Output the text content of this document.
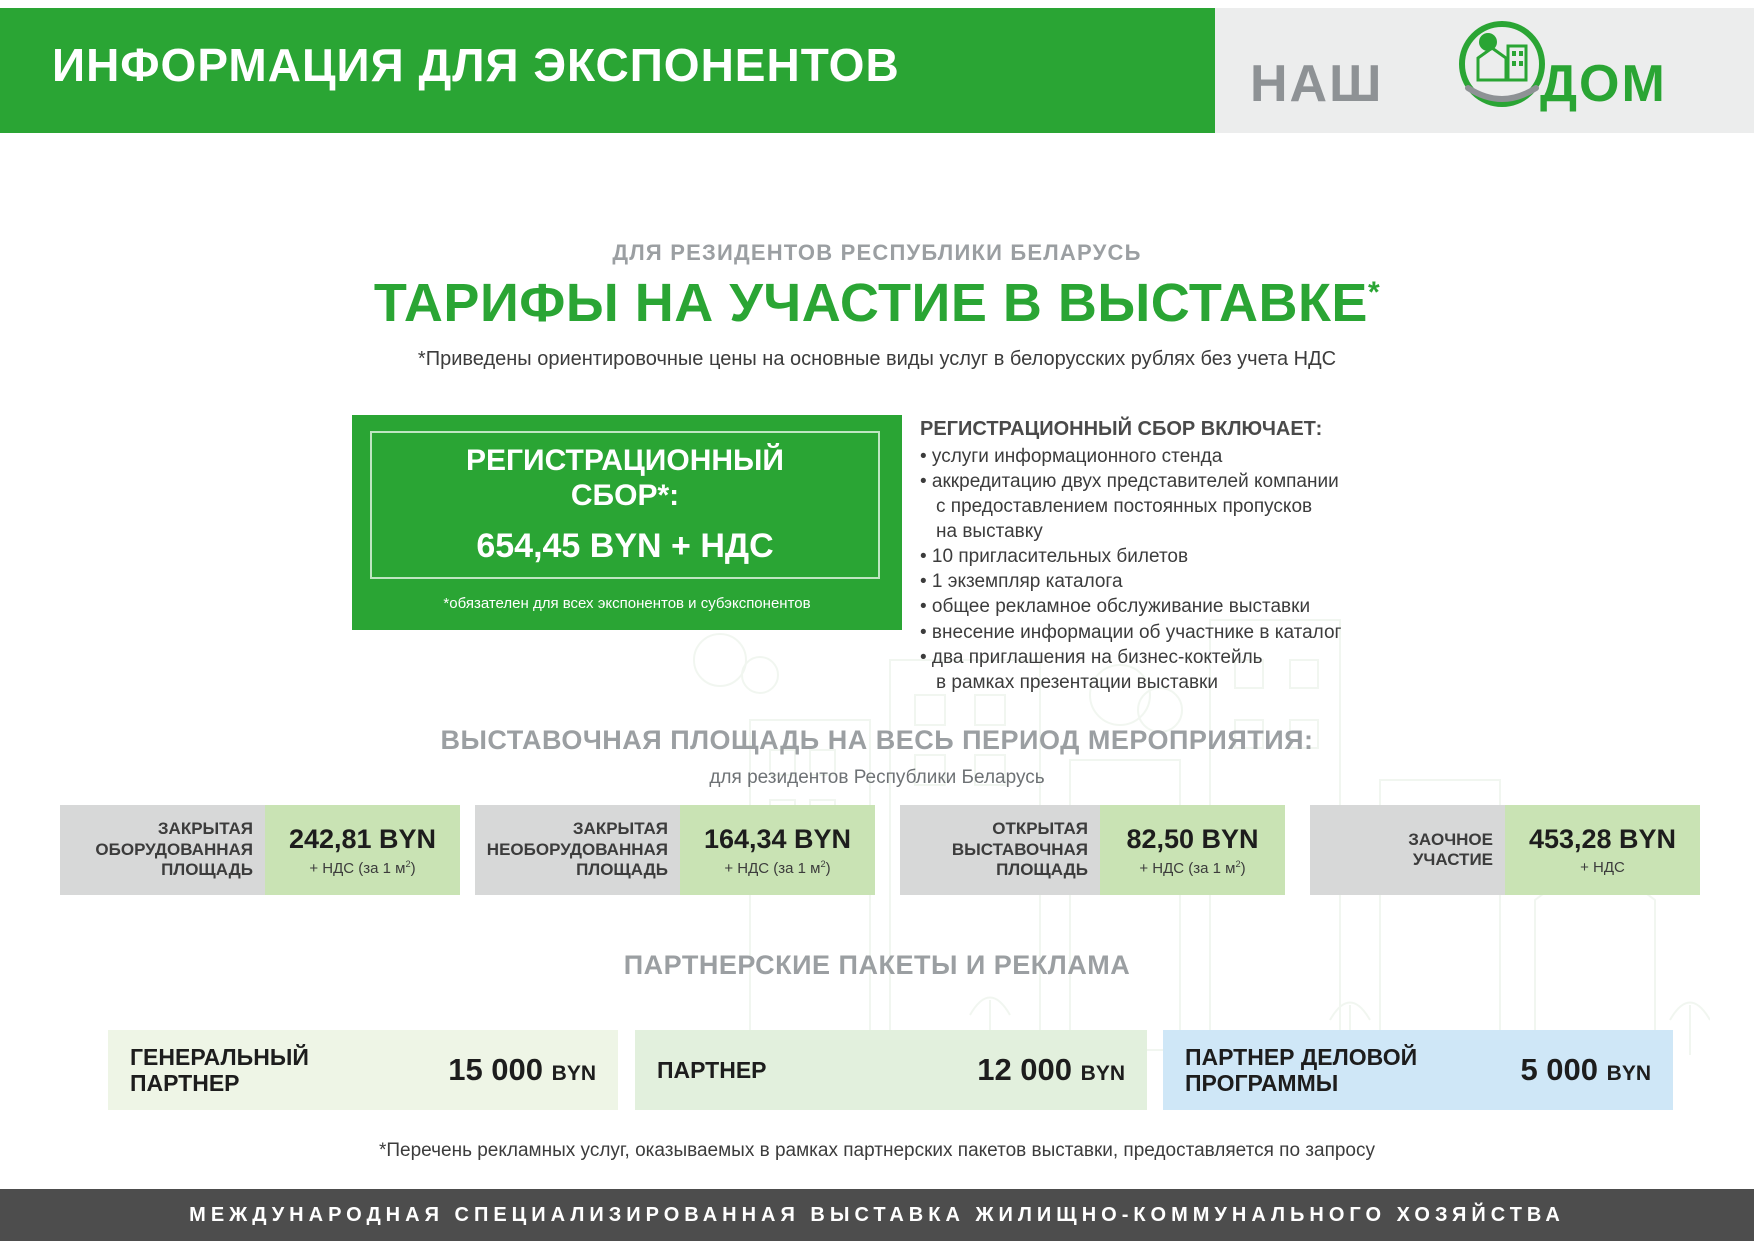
ИНФОРМАЦИЯ ДЛЯ ЭКСПОНЕНТОВ	НАШ	ДОМ
ДЛЯ РЕЗИДЕНТОВ РЕСПУБЛИКИ БЕЛАРУСЬ
ТАРИФЫ НА УЧАСТИЕ В ВЫСТАВКЕ*
*Приведены ориентировочные цены на основные виды услуг в белорусских рублях без учета НДС
РЕГИСТРАЦИОННЫЙ
СБОР*:
654,45 BYN + НДС
*обязателен для всех экспонентов и субэкспонентов
РЕГИСТРАЦИОННЫЙ СБОР ВКЛЮЧАЕТ:
• услуги информационного стенда
• аккредитацию двух представителей компании
с предоставлением постоянных пропусков
на выставку
• 10 пригласительных билетов
• 1 экземпляр каталога
• общее рекламное обслуживание выставки
• внесение информации об участнике в каталог
• два приглашения на бизнес-коктейль
в рамках презентации выставки
ВЫСТАВОЧНАЯ ПЛОЩАДЬ НА ВЕСЬ ПЕРИОД МЕРОПРИЯТИЯ:
для резидентов Республики Беларусь
ЗАКРЫТАЯ
ОБОРУДОВАННАЯ
ПЛОЩАДЬ
242,81 BYN
+ НДС (за 1 $м^2$)
ЗАКРЫТАЯ
НЕОБОРУДОВАННАЯ
ПЛОЩАДЬ
164,34 BYN
+ НДС (за 1 $м^2$)
ОТКРЫТАЯ
ВЫСТАВОЧНАЯ
ПЛОЩАДЬ
82,50 BYN
+ НДС (за 1 $м^2$)
ЗАОЧНОЕ
УЧАСТИЕ
453,28 BYN
+ НДС
ПАРТНЕРСКИЕ ПАКЕТЫ И РЕКЛАМА
ГЕНЕРАЛЬНЫЙ
ПАРТНЕР	15 000 BYN	ПАРТНЕР	12 000 BYN
ПАРТНЕР ДЕЛОВОЙ
ПРОГРАММЫ	5 000 BYN
*Перечень рекламных услуг, оказываемых в рамках партнерских пакетов выставки, предоставляется по запросу
МЕЖДУНАРОДНАЯ СПЕЦИАЛИЗИРОВАННАЯ ВЫСТАВКА ЖИЛИЩНО-КОММУНАЛЬНОГО ХОЗЯЙСТВА
